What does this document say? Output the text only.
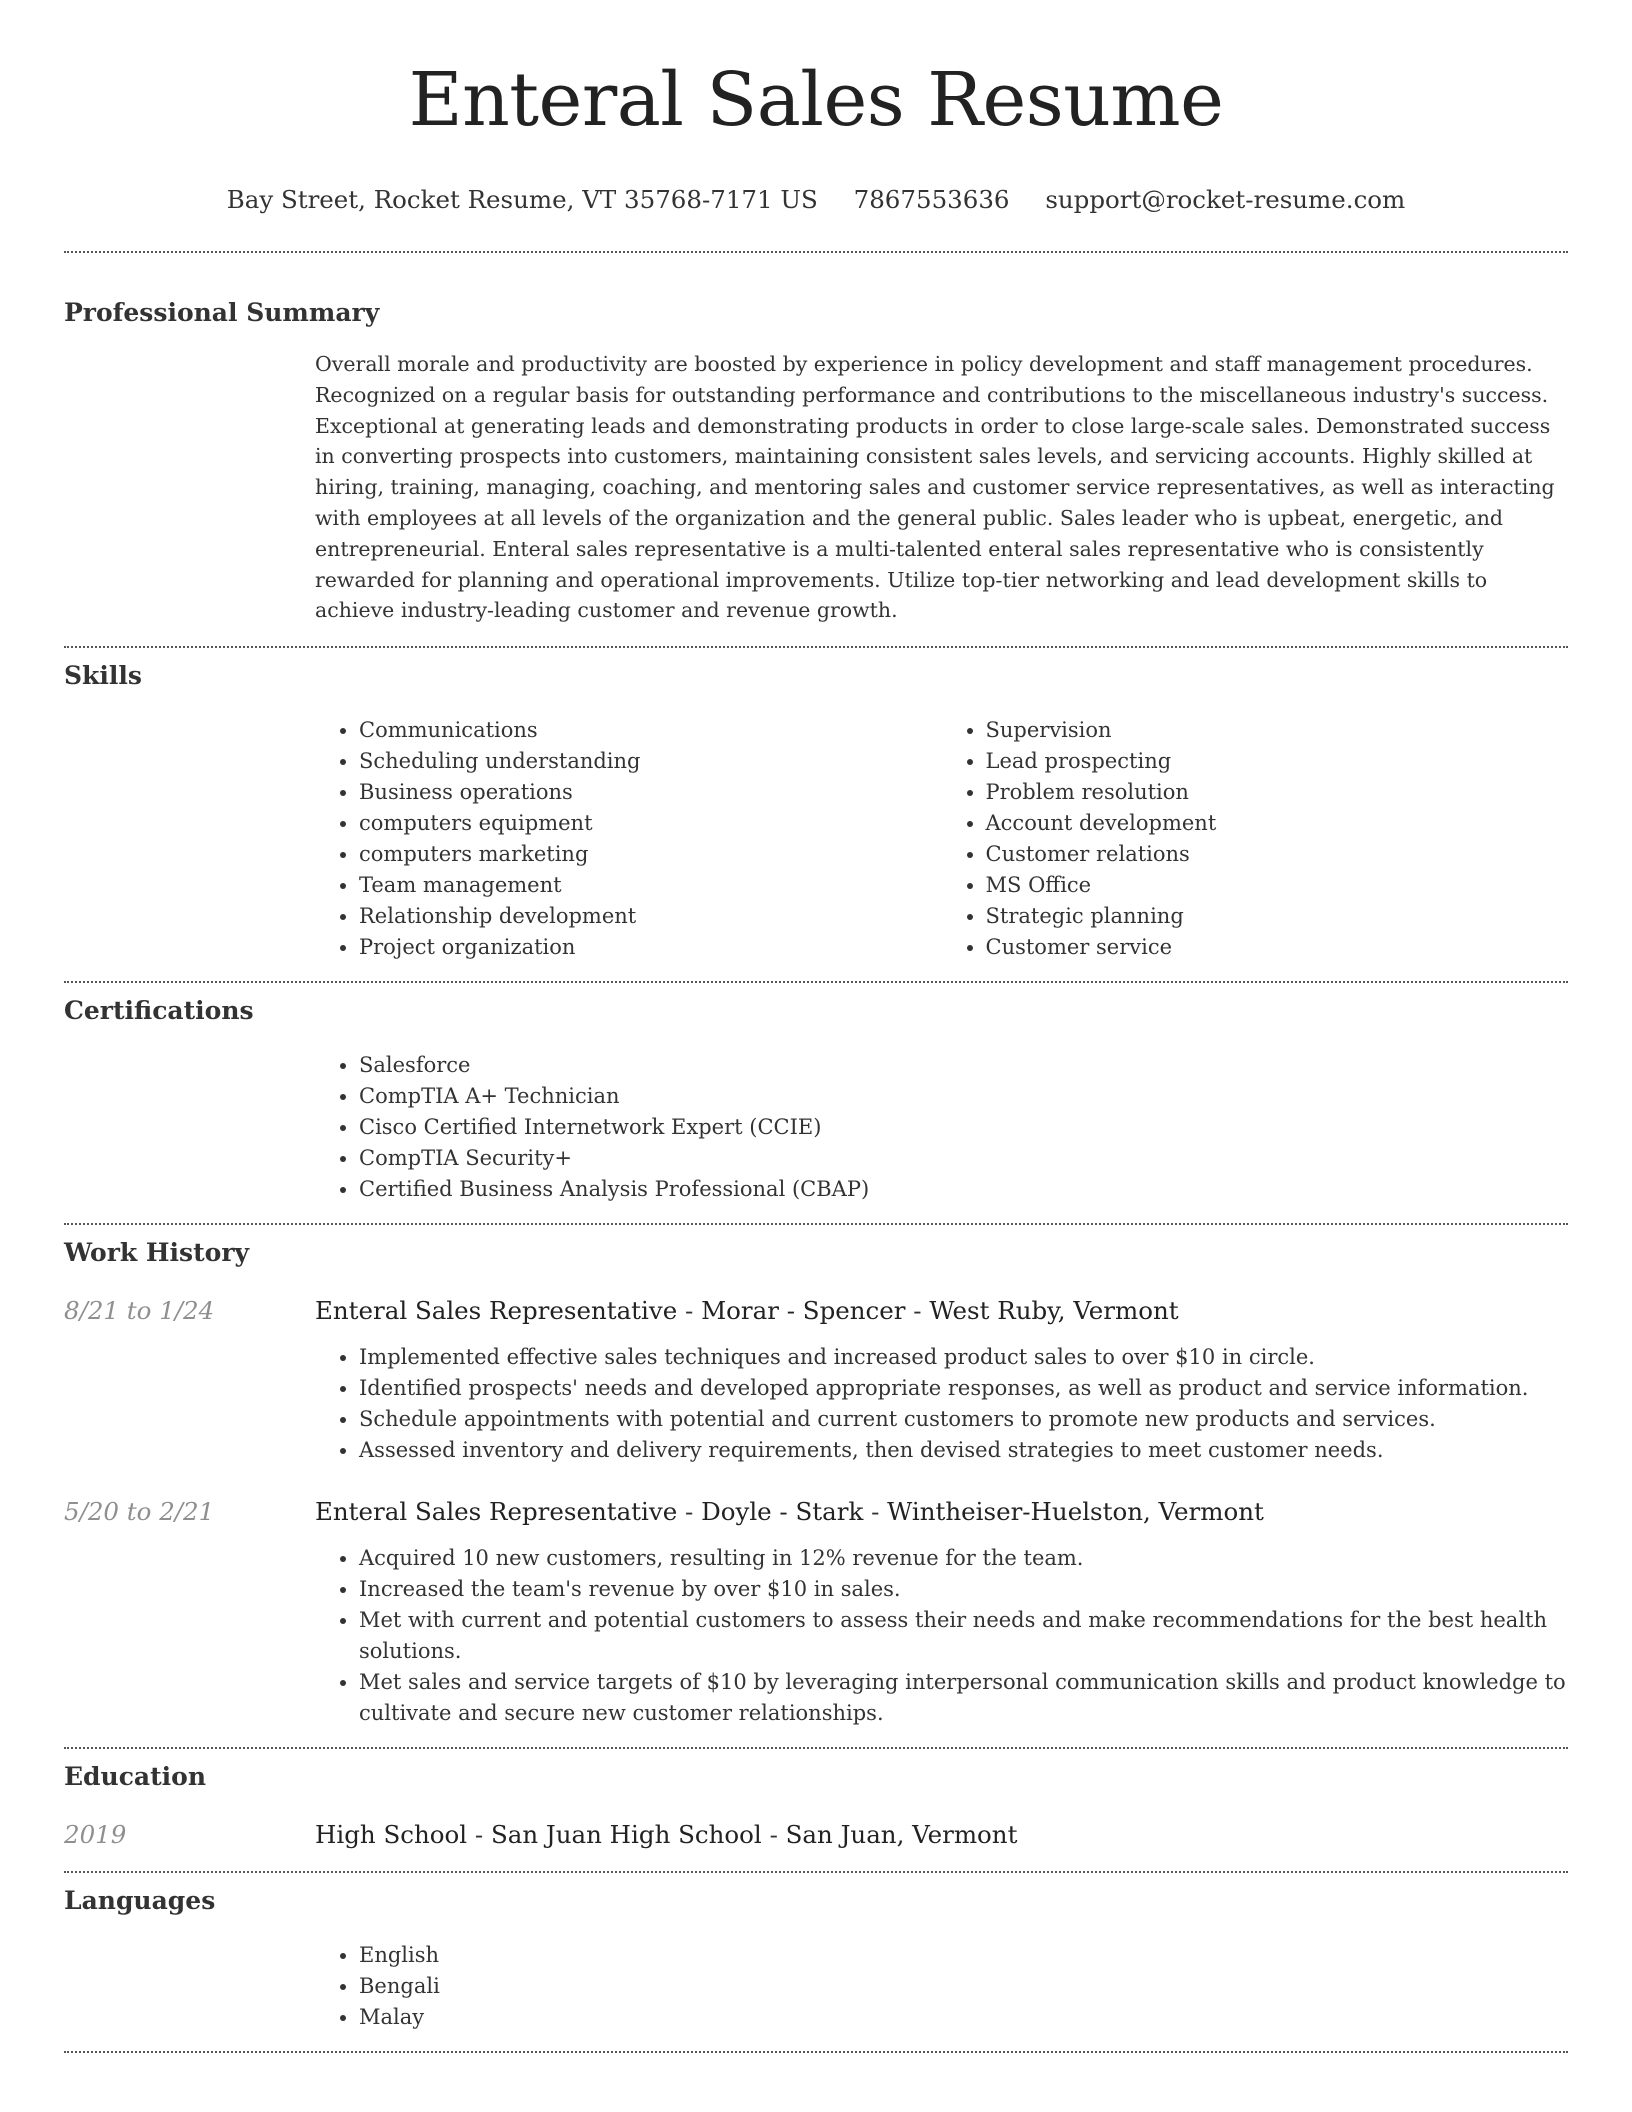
Enteral Sales Resume
Bay Street, Rocket Resume, VT 35768-7171 US 7867553636 support@rocket-resume.com
Professional Summary

Overall morale and productivity are boosted by experience in policy development and staff management procedures. Recognized on a regular basis for outstanding performance and contributions to the miscellaneous industry's success. Exceptional at generating leads and demonstrating products in order to close large-scale sales. Demonstrated success in converting prospects into customers, maintaining consistent sales levels, and servicing accounts. Highly skilled at hiring, training, managing, coaching, and mentoring sales and customer service representatives, as well as interacting with employees at all levels of the organization and the general public. Sales leader who is upbeat, energetic, and entrepreneurial. Enteral sales representative is a multi-talented enteral sales representative who is consistently rewarded for planning and operational improvements. Utilize top-tier networking and lead development skills to achieve industry-leading customer and revenue growth.

Skills
• Communications
• Scheduling understanding
• Business operations
• computers equipment
• computers marketing
• Team management
• Relationship development
• Project organization
• Supervision
• Lead prospecting
• Problem resolution
• Account development
• Customer relations
• MS Office
• Strategic planning
• Customer service
Certifications
• Salesforce
• CompTIA A+ Technician
• Cisco Certified Internetwork Expert (CCIE)
• CompTIA Security+
• Certified Business Analysis Professional (CBAP)
Work History
8/21 to 1/24	Enteral Sales Representative - Morar - Spencer - West Ruby, Vermont
• Implemented effective sales techniques and increased product sales to over $10 in circle.
• Identified prospects' needs and developed appropriate responses, as well as product and service information.
• Schedule appointments with potential and current customers to promote new products and services.
• Assessed inventory and delivery requirements, then devised strategies to meet customer needs.
5/20 to 2/21	Enteral Sales Representative - Doyle - Stark - Wintheiser-Huelston, Vermont
• Acquired 10 new customers, resulting in 12% revenue for the team.
• Increased the team's revenue by over $10 in sales.
• Met with current and potential customers to assess their needs and make recommendations for the best health solutions.
• Met sales and service targets of $10 by leveraging interpersonal communication skills and product knowledge to cultivate and secure new customer relationships.
Education
2019	High School - San Juan High School - San Juan, Vermont
Languages
• English
• Bengali
• Malay
